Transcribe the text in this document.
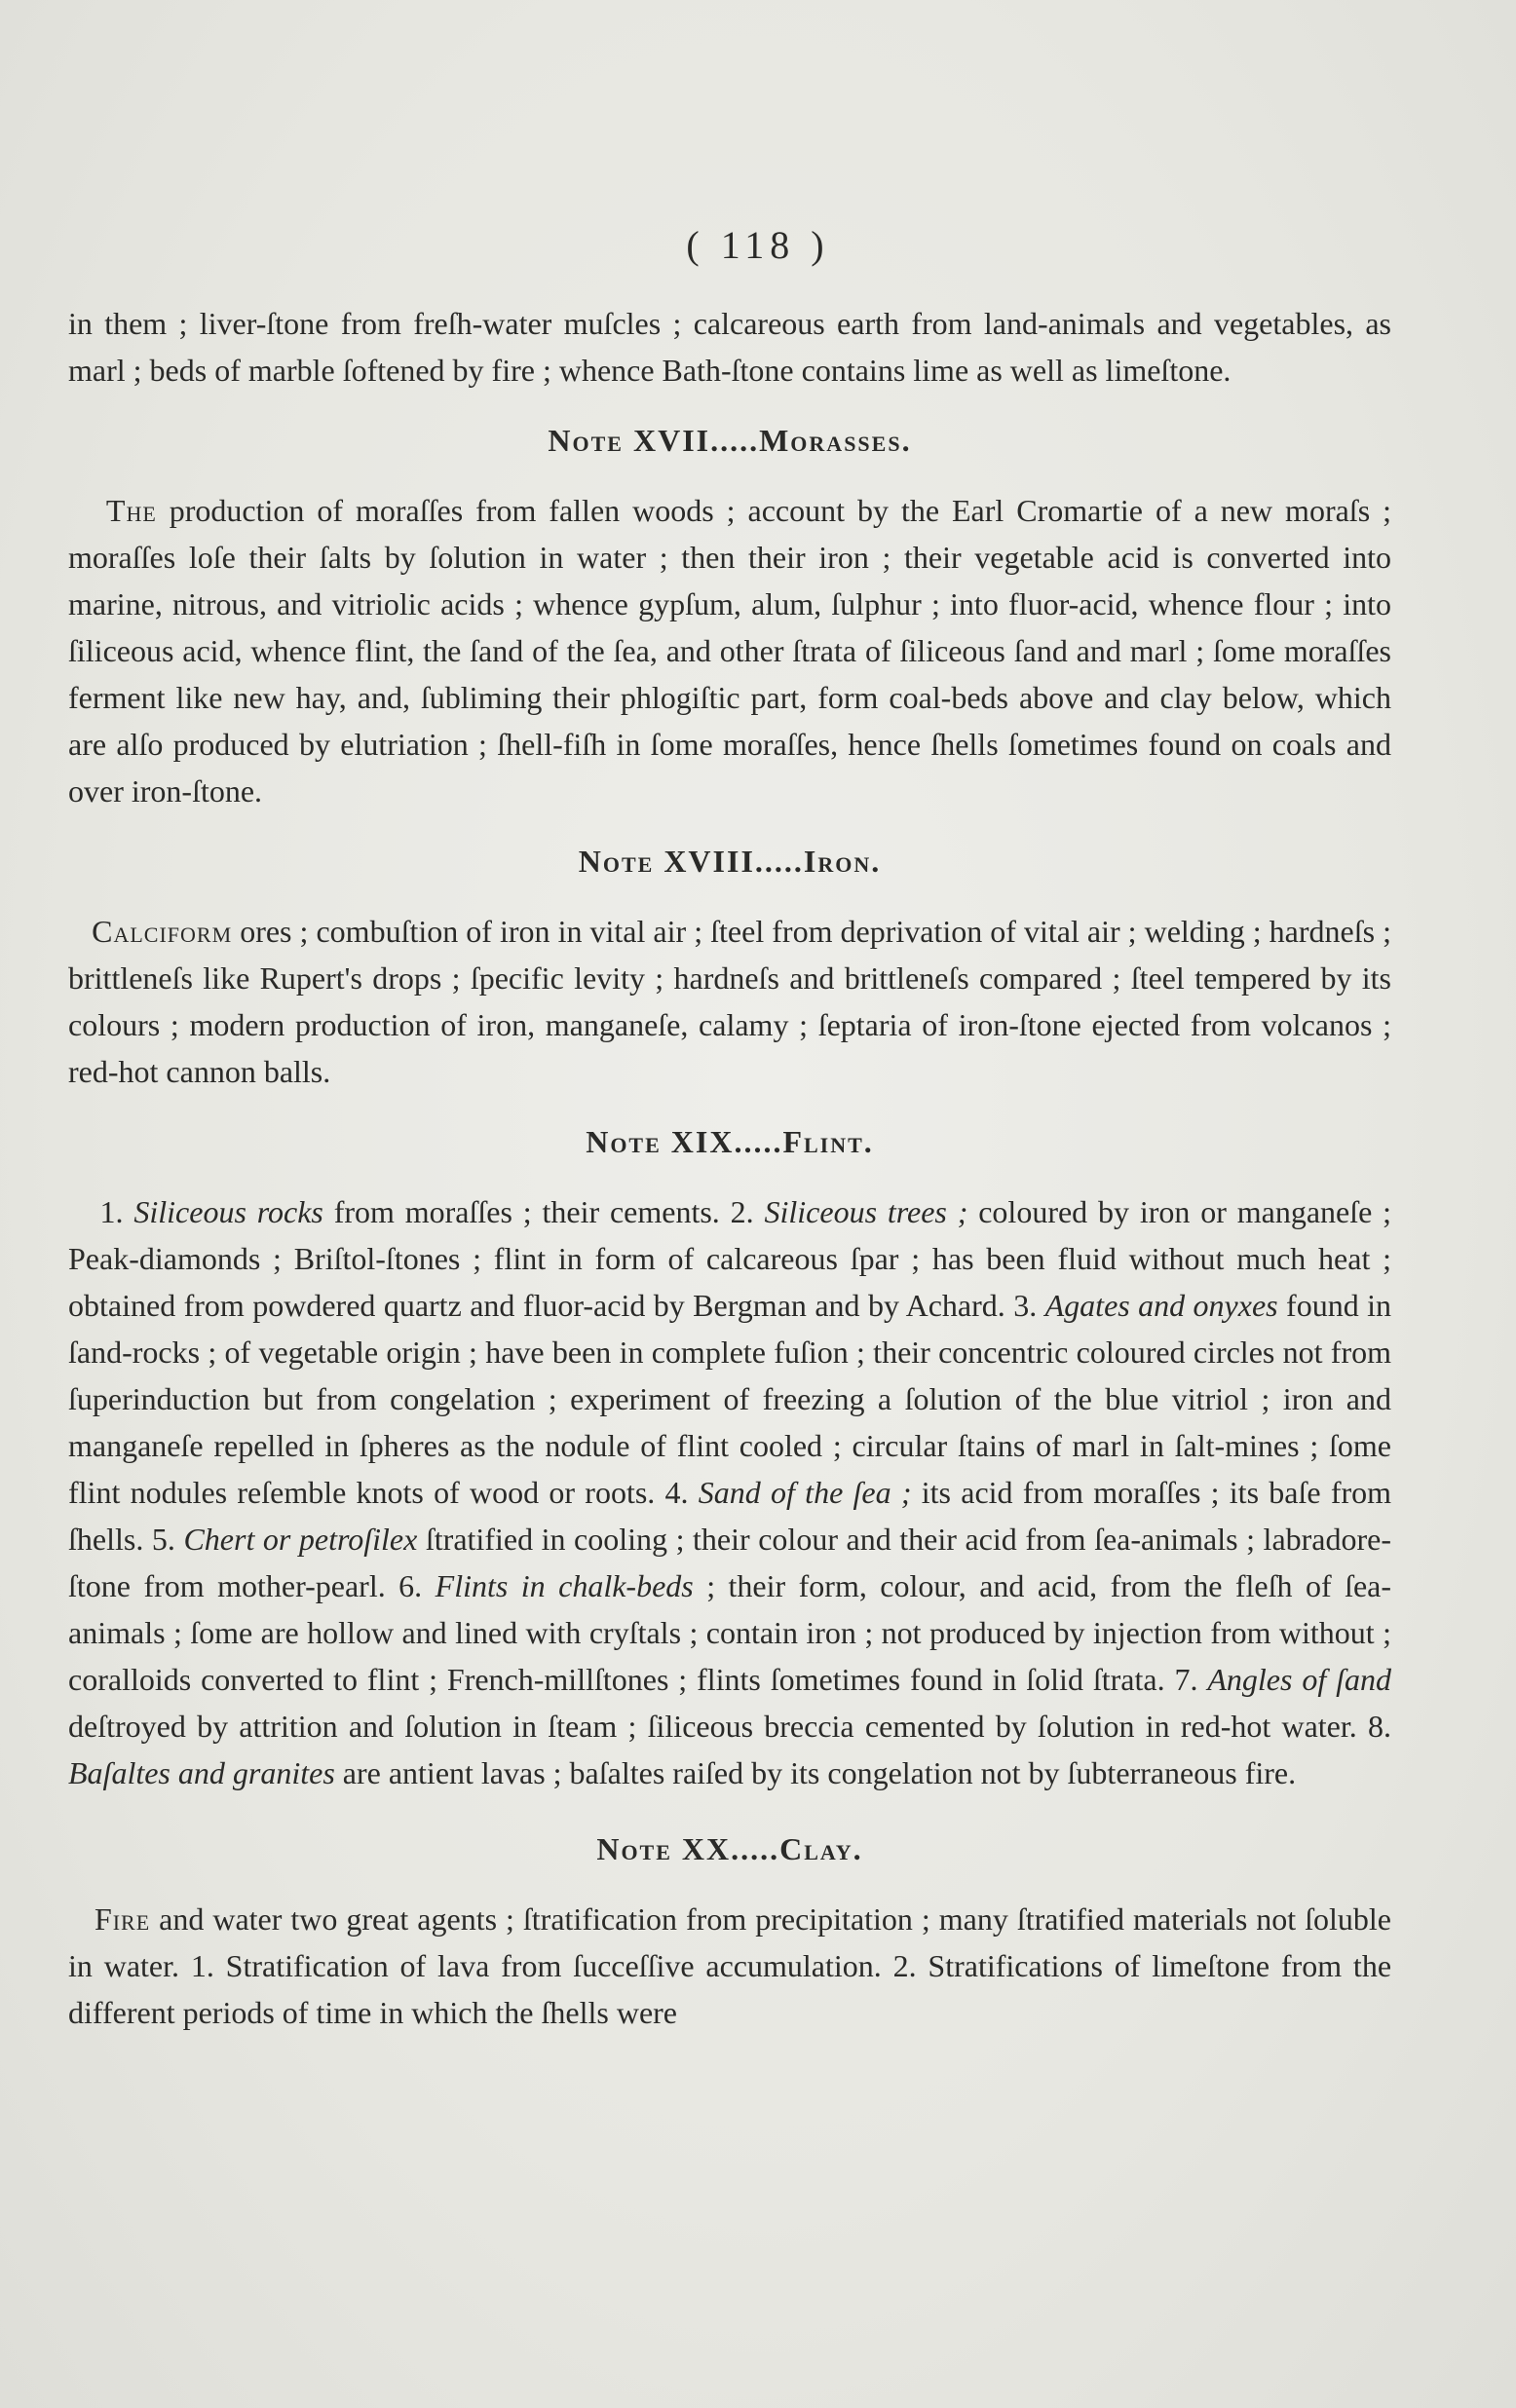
( 118 )

in them ; liver-ſtone from freſh-water muſcles ; calcareous earth from land-animals and vegetables, as marl ; beds of marble ſoftened by fire ; whence Bath-ſtone contains lime as well as limeſtone.

Note XVII.....Morasses.

The production of moraſſes from fallen woods ; account by the Earl Cromartie of a new moraſs ; moraſſes loſe their ſalts by ſolution in water ; then their iron ; their vegetable acid is converted into marine, nitrous, and vitriolic acids ; whence gypſum, alum, ſulphur ; into fluor-acid, whence flour ; into ſiliceous acid, whence flint, the ſand of the ſea, and other ſtrata of ſiliceous ſand and marl ; ſome moraſſes ferment like new hay, and, ſubliming their phlogiſtic part, form coal-beds above and clay below, which are alſo produced by elutriation ; ſhell-fiſh in ſome moraſſes, hence ſhells ſometimes found on coals and over iron-ſtone.

Note XVIII.....Iron.

Calciform ores ; combuſtion of iron in vital air ; ſteel from deprivation of vital air ; welding ; hardneſs ; brittleneſs like Rupert's drops ; ſpecific levity ; hardneſs and brittleneſs compared ; ſteel tempered by its colours ; modern production of iron, manganeſe, calamy ; ſeptaria of iron-ſtone ejected from volcanos ; red-hot cannon balls.

Note XIX.....Flint.

1. Siliceous rocks from moraſſes ; their cements. 2. Siliceous trees ; coloured by iron or manganeſe ; Peak-diamonds ; Briſtol-ſtones ; flint in form of calcareous ſpar ; has been fluid without much heat ; obtained from powdered quartz and fluor-acid by Bergman and by Achard. 3. Agates and onyxes found in ſand-rocks ; of vegetable origin ; have been in complete fuſion ; their concentric coloured circles not from ſuperinduction but from congelation ; experiment of freezing a ſolution of the blue vitriol ; iron and manganeſe repelled in ſpheres as the nodule of flint cooled ; circular ſtains of marl in ſalt-mines ; ſome flint nodules reſemble knots of wood or roots. 4. Sand of the ſea ; its acid from moraſſes ; its baſe from ſhells. 5. Chert or petroſilex ſtratified in cooling ; their colour and their acid from ſea-animals ; labradore-ſtone from mother-pearl. 6. Flints in chalk-beds ; their form, colour, and acid, from the fleſh of ſea-animals ; ſome are hollow and lined with cryſtals ; contain iron ; not produced by injection from without ; coralloids converted to flint ; French-millſtones ; flints ſometimes found in ſolid ſtrata. 7. Angles of ſand deſtroyed by attrition and ſolution in ſteam ; ſiliceous breccia cemented by ſolution in red-hot water. 8. Baſaltes and granites are antient lavas ; baſaltes raiſed by its congelation not by ſubterraneous fire.

Note XX.....Clay.

Fire and water two great agents ; ſtratification from precipitation ; many ſtratified materials not ſoluble in water. 1. Stratification of lava from ſucceſſive accumulation. 2. Stratifications of limeſtone from the different periods of time in which the ſhells were
